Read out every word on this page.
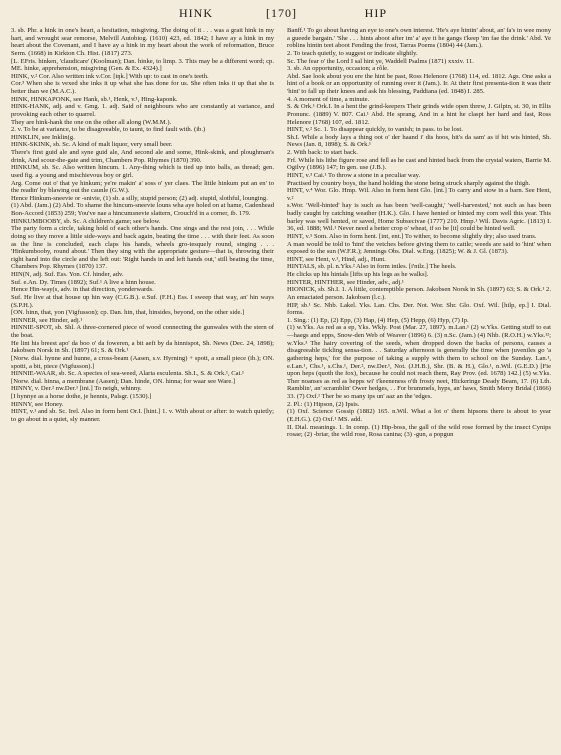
HINK	[170]	HIP

3. sb. Phr. a hink in one's heart, a hesitation, misgiving. The doing of it . . . was a grait hink in my hart, and wrought sear remorse, Melvill Autobiog. (1610) 423, ed. 1842; I have ay a hink in my heart about the Covenant, and I have ay a hink in my heart about the work of reformation, Bruce Serm. (1668) in Kirkton Ch. Hist. (1817) 273.

[L. EFris. hinken, 'claudicare' (Koolman); Dan. hinke, to limp. 3. This may be a different word; cp. ME. hinke, apprehension, misgiving (Gen. & Ex. 4324).]

HINK, v.² Cor. Also written ink v.Cor. [iŋk.] With up: to cast in one's teeth.

Cor.³ When she is vexed she inks it up what she has done for us. She often inks it up that she is better than we (M.A.C.).

HINK, HINKAPONK, see Hank, sb.¹, Henk, v.¹, Hing-kaponk.

HINK-HANK, adj. and v. Gmg. 1. adj. Said of neighbours who are constantly at variance, and provoking each other to quarrel.

They are hink-hank the one on the other all along (W.M.M.).

2. v. To be at variance, to be disagreeable, to taunt, to find fault with. (ib.)

HINKLIN, see Inklin(g.

HINK-SKINK, sb. Sc. A kind of malt liquor, very small beer.

There's first guid ale and syne guid ale, And second ale and some, Hink-skink, and ploughman's drink, And scour-the-gate and trim, Chambers Pop. Rhymes (1870) 390.

HINKUM, sb. Sc. Also written hincum. 1. Any-thing which is tied up into balls, as thread; gen. used fig. a young and mischievous boy or girl.

Arg. Come out o' that ye hinkum; ye're makin' a' soss o' yer claes. The little hinkum put an en' to the readin' by blawing out the caunle (G.W.).

Hence Hinkum-sneevie or -snivie, (1) sb. a silly, stupid person; (2) adj. stupid, slothful, lounging.

(1) Abd. (Jam.) (2) Abd. To shame the hincum-sneevie louns wha aye holed on at hame, Cadenhead Bon-Accord (1853) 259; You've nae a hincumsnevie slattern, Crouch'd in a corner, ib. 179.

HINKUMBOOBY, sb. Sc. A children's game; see below.

The party form a circle, taking hold of each other's hands. One sings and the rest join, . . . While doing so they move a little side-ways and back again, beating the time . . . with their feet. As soon as the line is concluded, each claps his hands, wheels gro-tesquely round, singing . . . 'Hinkumbooby, round about.' Then they sing with the appropriate gesture—that is, throwing their right hand into the circle and the left out: 'Right hands in and left hands out,' still beating the time, Chambers Pop. Rhymes (1870) 137.

HIN(N, adj. Suf. Ess. Yon. Cf. hinder, adv.

Suf. e.An. Dy. Times (1892); Suf.¹ A live a hinn house.

Hence Hin-way(s, adv. in that direction, yonderwards.

Suf. He live at that house up hin way (C.G.B.). e.Suf. (F.H.) Ess. I sweep that way, an' hin ways (S.P.H.).

[ON. hinn, that, yon (Vigfusson); cp. Dan. hin, that, hinsides, beyond, on the other side.]

HINNER, see Hinder, adj.¹

HINNIE-SPOT, sb. Shl. A three-cornered piece of wood connecting the gunwales with the stern of the boat.

He lint his breest apo' da boo o' da foweren, a bit aeft by da hinnispot, Sh. News (Dec. 24, 1898); Jakobsen Norsk in Sh. (1897) 61; S. & Ork.¹

[Norw. dial. hynne and hunne, a cross-beam (Aasen, s.v. Hyrning) + spott, a small piece (ib.); ON. spotti, a bit, piece (Vigfusson).]

HINNIE-WAAR, sb. Sc. A species of sea-weed, Alaria esculenta. Sh.I., S. & Ork.¹, Cai.¹

[Norw. dial. hinna, a membrane (Aasen); Dan. hinde, ON. hinna; for waar see Ware.]

HINNY, v. Der.² nw.Der.¹ [ini.] To neigh, whinny.

[I hynnye as a horse dothe, je hennis, Palsgr. (1530).]

HINNY, see Honey.

HINT, v.¹ and sb. Sc. Irel. Also in form hent Or.I. [hint.] 1. v. With about or after: to watch quietly; to go about in a quiet, sly manner.

Banff.¹ To go about having an eye to one's own interest. 'He's aye hintin' about, an' fa's in wee mony a gueede bargain.' 'She . . . hints aboot after im' a' aye it he gangs t'keep 'im fae the drink.' Abd. Ye roblins hintin teet aboot Fending the frost, Tarras Poems (1804) 44 (Jam.).

2. To teach quietly, to suggest or indicate slightly.

Sc. The fear o' the Lord I sal hint ye, Waddell Psalms (1871) xxxiv. 11.

3. sb. An opportunity, occasion; a rôle.

Abd. Sae look about you ere the hint be past, Ross Helenore (1768) 114, ed. 1812. Ags. One asks a hint of a book or an opportunity of running over it (Jam.). Ir. At their first presenta-tion it was their 'hint' to fall up their knees and ask his blessing, Paddiana (ed. 1848) I. 285.

4. A moment of time, a minute.

S. & Ork.¹ Ork.I. In a hent the grind-keepers Their grinds wide open threw, J. Gilpin, st. 30, in Ellis Pronunc. (1889) V. 807. Cai.¹ Abd. He sprang, And in a hint he claspt her hard and fast, Ross Helenore (1768) 107, ed. 1812.

HINT, v.² Sc. 1. To disappear quickly, to vanish; in pass. to be lost.

Sh.I. While a body lays a thing oot o' der haand i' dis hoos, hit's da sam' as if hit wis hinted, Sh. News (Jan. 8, 1898); S. & Ork.¹

2. With back: to start back.

Frf. While his lithe figure rose and fell as he cast and hinted back from the crystal waters, Barrie M. Ogilvy (1896) 147; In gen. use (J.B.).

HINT, v.³ Cai.¹ To throw a stone in a peculiar way.

Practised by country boys, the hand holding the stone being struck sharply against the thigh.

HINT, v.⁴ Wor. Glo. Hmp. Wil. Also in form hent Glo. [int.] To carry and stow in a barn. See Hent, v.²

s.Wor. 'Well-hinted' hay is such as has been 'well-caught,' 'well-harvested,' not such as has been badly caught by catching weather (H.K.). Glo. I have hented or hinted my corn well this year. This barley was well hented, or saved, Home Subsecivae (1777) 210. Hmp.¹ Wil. Davis Agric. (1813) I. 36, ed. 1888; Wil.¹ Never need a better crop o' wheat, if so be [it] could be hinted well.

HINT, v.⁵ Som. Also in form hent. [int, ent.] To wither, to become slightly dry; also used trans.

A man would be told to 'hint' the vetches before giving them to cattle; weeds are said to 'hint' when exposed to the sun (W.F.R.); Jennings Obs. Dial. w.Eng. (1825); W. & J. Gl. (1873).

HINT, see Hent, v.¹, Hind, adj., Hunt.

HINTALS, sb. pl. n.Yks.² Also in form intles. [i'ntlz.] The heels.

He clicks up his hintals [lifts up his legs as he walks].

HINTER, HINTHER, see Hinder, adv., adj.¹

HIONICK, sb. Sh.I. 1. A little, contemptible person. Jakobsen Norsk in Sh. (1897) 63; S. & Ork.¹ 2. An emaciated person. Jakobsen (l.c.).

HIP, sb.¹ Sc. Nhb. Lakel. Yks. Lan. Chs. Der. Not. Wor. Shr. Glo. Oxf. Wil. [hilp, ep.] I. Dial. forms.

1. Sing.: (1) Ep, (2) Epp, (3) Hap, (4) Hep, (5) Hepp, (6) Hyp, (7) Ip.

(1) w.Yks. As red as a ep, Yks. Wkly. Post (Mar. 27, 1897). m.Lan.¹ (2) w.Yks. Getting stuff to eat—haegs and epps, Snow-den Web of Weaver (1896) 6. (3) n.Sc. (Jam.) (4) Nhb. (R.O.H.) w.Yks.¹²; w.Yks.³ The hairy covering of the seeds, when dropped down the backs of persons, causes a disagreeable tickling sensa-tion. . . Saturday afternoon is generally the time when juveniles go 'a gathering heps,' for the purpose of taking a supply with them to school on the Sunday. Lan.¹, e.Lan.¹, Chs.¹, s.Chs.¹, Der.², nw.Der.¹, Not. (J.H.B.), Shr. (B. & H.), Glo.¹, n.Wil. (G.E.D.) [Fie upon heps (quoth the fox), because he could not reach them, Ray Prov. (ed. 1678) 142.] (5) w.Yks. Ther noanses as red as hepps wi' t'keeneness o'th frosty neet, Hickeringe Deady Beam, 17. (6) Lth. Ramblin', an' scramblin' Ower hedges, . . For brummels, hyps, an' haws, Smith Merry Bridal (1866) 33. (7) Oxf.¹ Ther be so many ips un' aaz an the 'edges.

2. Pl.: (1) Hipson, (2) Ipsis.

(1) Oxf. Science Gossip (1882) 165. n.Wil. What a lot o' them hipsons there is about to year (E.H.G.). (2) Oxf.¹ MS. add.

II. Dial. meanings. 1. In comp. (1) Hip-boss, the gall of the wild rose formed by the insect Cynips rosae; (2) -briar, the wild rose, Rosa canina; (3) -gun, a popgun
